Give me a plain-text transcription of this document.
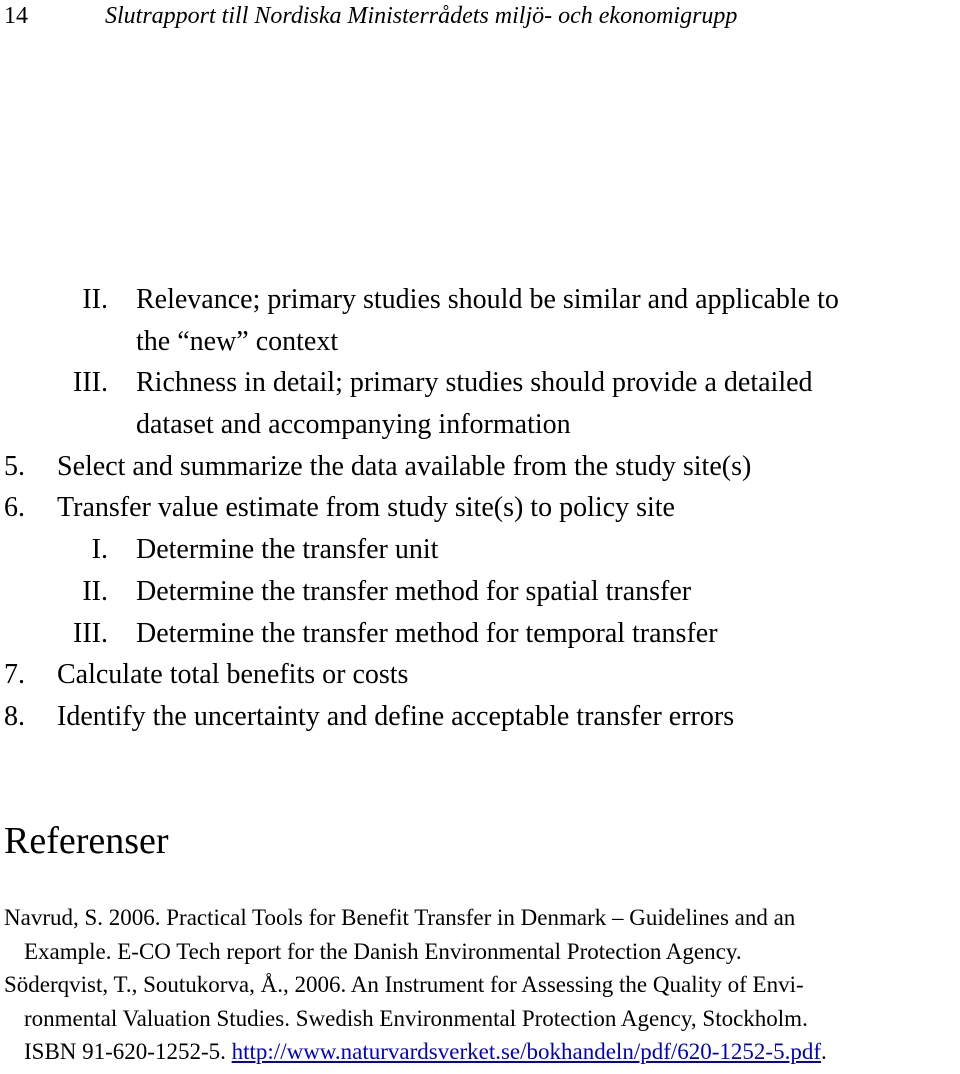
14	Slutrapport till Nordiska Ministerrådets miljö- och ekonomigrupp
II. Relevance; primary studies should be similar and applicable to
the “new” context
III. Richness in detail; primary studies should provide a detailed
dataset and accompanying information
5. Select and summarize the data available from the study site(s)
6. Transfer value estimate from study site(s) to policy site
I. Determine the transfer unit
II. Determine the transfer method for spatial transfer
III. Determine the transfer method for temporal transfer
7. Calculate total benefits or costs
8. Identify the uncertainty and define acceptable transfer errors
Referenser
Navrud, S. 2006. Practical Tools for Benefit Transfer in Denmark – Guidelines and an
Example. E-CO Tech report for the Danish Environmental Protection Agency.
Söderqvist, T., Soutukorva, Å., 2006. An Instrument for Assessing the Quality of Envi-
ronmental Valuation Studies. Swedish Environmental Protection Agency, Stockholm.
ISBN 91-620-1252-5. http://www.naturvardsverket.se/bokhandeln/pdf/620-1252-5.pdf.
